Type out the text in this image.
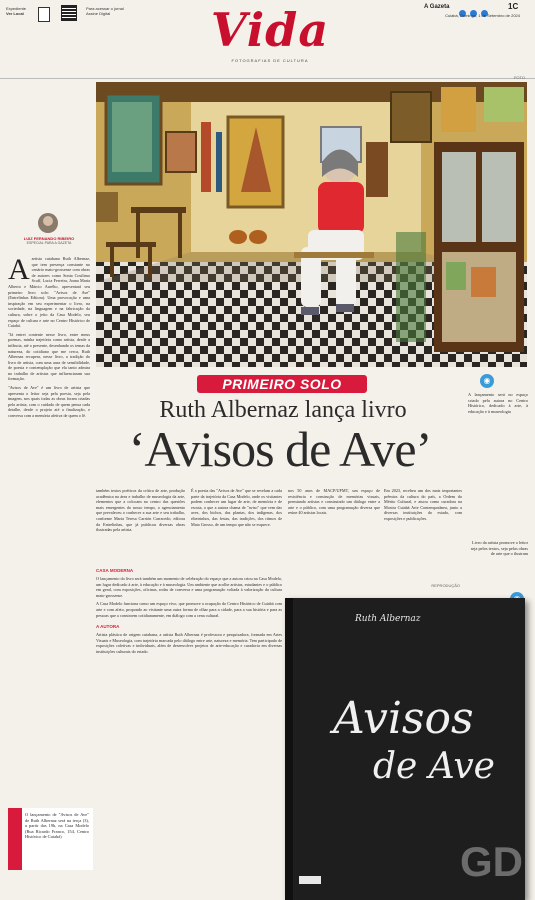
Expediente
Ver Local
Para acessar o jornal
Assine Digital	Vida
FOTOGRAFIAS DE CULTURA
A Gazeta
	1C
Cuiabá, Domingo, 1 de Setembro de 2024
FOTO
LUIZ FERNANDO RIBEIRO
ESPECIAL PARA A GAZETA
A artista cuiabana Ruth Albernaz, que tem presença constante no cenário mato-grossense com obras de autores como Sonia Cosilimo Scaff, Lucia Ferreira, Joana Maria Alberto e Márcio Aurélio, apresentará seu primeiro livro solo: "Avisos de Ave" (Entrelinhas Editora). Uma provocação e uma inspiração em seu experimentar o livro, na sociedade, na linguagem e na fabricação da cultura, sobre o jeito da Casa Modelo, seu espaço de cultura e arte no Centro Histórico de Cuiabá.

"Já entrei contente nesse livro, entre meus poemas, minha trajetória como artista, desde a infância, até o presente, desenhando os temas da natureza, do cotidiano que me cerca, Ruth Albernaz recupera, nesse livro, a tradição do livro de artista, com uma aura de sensibilidade, de poesia e contemplação que ela tanto admira no trabalho de artistas que influenciaram sua formação.

"Avisos de Ave" é um livro de artista que apresenta o leitor seja pela poesia, seja pela imagem, nos quais todas as obras foram criadas pela artista, com o cuidado de quem pensa cada detalhe, desde o projeto até a finalização, e conversa com a memória afetiva de quem o lê.

O lançamento de "Avisos de Ave" de Ruth Albernaz será na terça (3), a partir das 19h, na Casa Modelo (Rua Ricardo Franco, 154, Centro Histórico de Cuiabá)
PRIMEIRO SOLO
Ruth Albernaz lança livro
‘Avisos de Ave’
◉
A lançamento será no espaço criado pela autora no Centro Histórico, dedicado à arte, à educação e à museologia

também textos poéticos da crítica de arte, produção acadêmica na área e trabalho de museologia da arte, elementos que a colocam no centro das questões mais emergentes do nosso tempo, o agenciamento que prevaleceu o conhecer a sua arte e seu trabalho, conforme Maria Teresa Carrión Carracedo, editora da Entrelinhas, que já publicou diversas obras ilustradas pela artista.

É a poesia das "Avisos de Ave" que se revelam a cada parte da trajetória da Casa Modelo, onde os visitantes podem conhecer um lugar de arte, de memória e de escuta, o que a autora chama de "aviso" que vem das aves, dos bichos, das plantas, dos indígenas, dos ribeirinhos, das festas, das tradições, dos ritmos de Mato Grosso, de um tempo que não se esquece.

nos 50 anos de MACP/UFMT, um espaço de resistência e construção de memórias visuais, premiando artistas e construindo um diálogo entre a arte e o público, com uma programação diversa que reúne 40 artistas locais.

Em 2023, recebeu um dos mais importantes prêmios da cultura do país, a Ordem do Mérito Cultural, e atuou como curadora na Mostra Cuiabá Arte Contemporânea, junto a diversas instituições do estado, com exposições e publicações.

CASA MODERNA

O lançamento do livro será também um momento de celebração do espaço que a autora criou na Casa Modelo, um lugar dedicado à arte, à educação e à museologia. Um ambiente que acolhe artistas, estudantes e o público em geral, com exposições, oficinas, rodas de conversa e uma programação voltada à valorização da cultura mato-grossense.

A Casa Modelo funciona como um espaço vivo, que promove a ocupação do Centro Histórico de Cuiabá com arte e com afeto, propondo ao visitante uma outra forma de olhar para a cidade, para a sua história e para as pessoas que a constroem cotidianamente, em diálogo com a cena cultural.

A AUTORA

Artista plástica de origem cuiabana, a artista Ruth Albernaz é professora e pesquisadora, formada em Artes Visuais e Museologia, com trajetória marcada pelo diálogo entre arte, natureza e memória. Tem participado de exposições coletivas e individuais, além de desenvolver projetos de arte-educação e curadoria em diversas instituições culturais do estado.

Livro da artista promove o leitor seja pelos textos, seja pelas obras de arte que o ilustram
REPRODUÇÃO
Ruth Albernaz
Avisos
de Ave
GD
